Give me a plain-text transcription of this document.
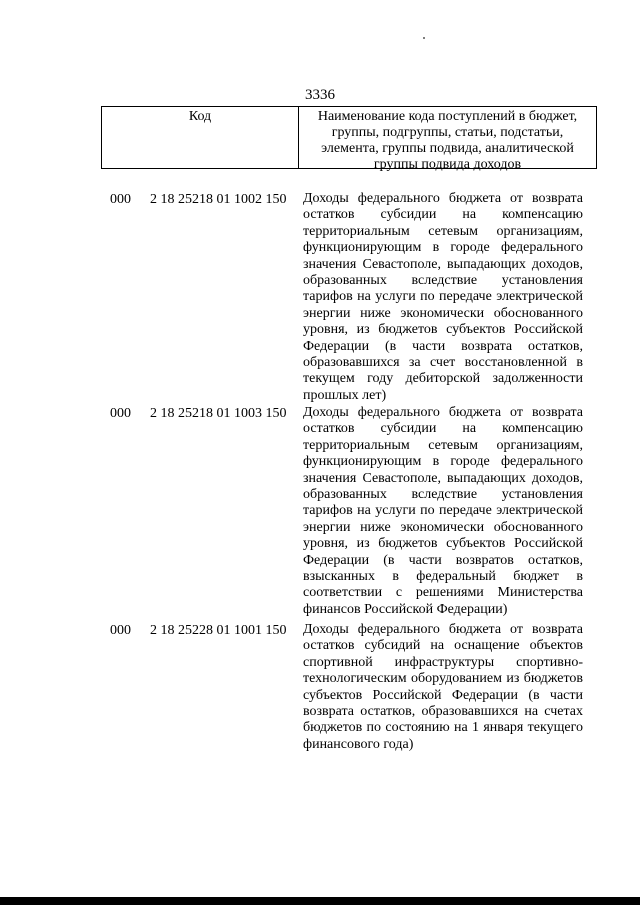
3336
Код	Наименование кода поступлений в бюджет, группы, подгруппы, статьи, подстатьи, элемента, группы подвида, аналитической группы подвида доходов
000 2 18 25218 01 1002 150 Доходы федерального бюджета от возврата остатков субсидии на компенсацию территориальным сетевым организациям, функционирующим в городе федерального значения Севастополе, выпадающих доходов, образованных вследствие установления тарифов на услуги по передаче электрической энергии ниже экономически обоснованного уровня, из бюджетов субъектов Российской Федерации (в части возврата остатков, образовавшихся за счет восстановленной в текущем году дебиторской задолженности прошлых лет)
000 2 18 25218 01 1003 150 Доходы федерального бюджета от возврата остатков субсидии на компенсацию территориальным сетевым организациям, функционирующим в городе федерального значения Севастополе, выпадающих доходов, образованных вследствие установления тарифов на услуги по передаче электрической энергии ниже экономически обоснованного уровня, из бюджетов субъектов Российской Федерации (в части возвратов остатков, взысканных в федеральный бюджет в соответствии с решениями Министерства финансов Российской Федерации)
000 2 18 25228 01 1001 150 Доходы федерального бюджета от возврата остатков субсидий на оснащение объектов спортивной инфраструктуры спортивно-технологическим оборудованием из бюджетов субъектов Российской Федерации (в части возврата остатков, образовавшихся на счетах бюджетов по состоянию на 1 января текущего финансового года)
